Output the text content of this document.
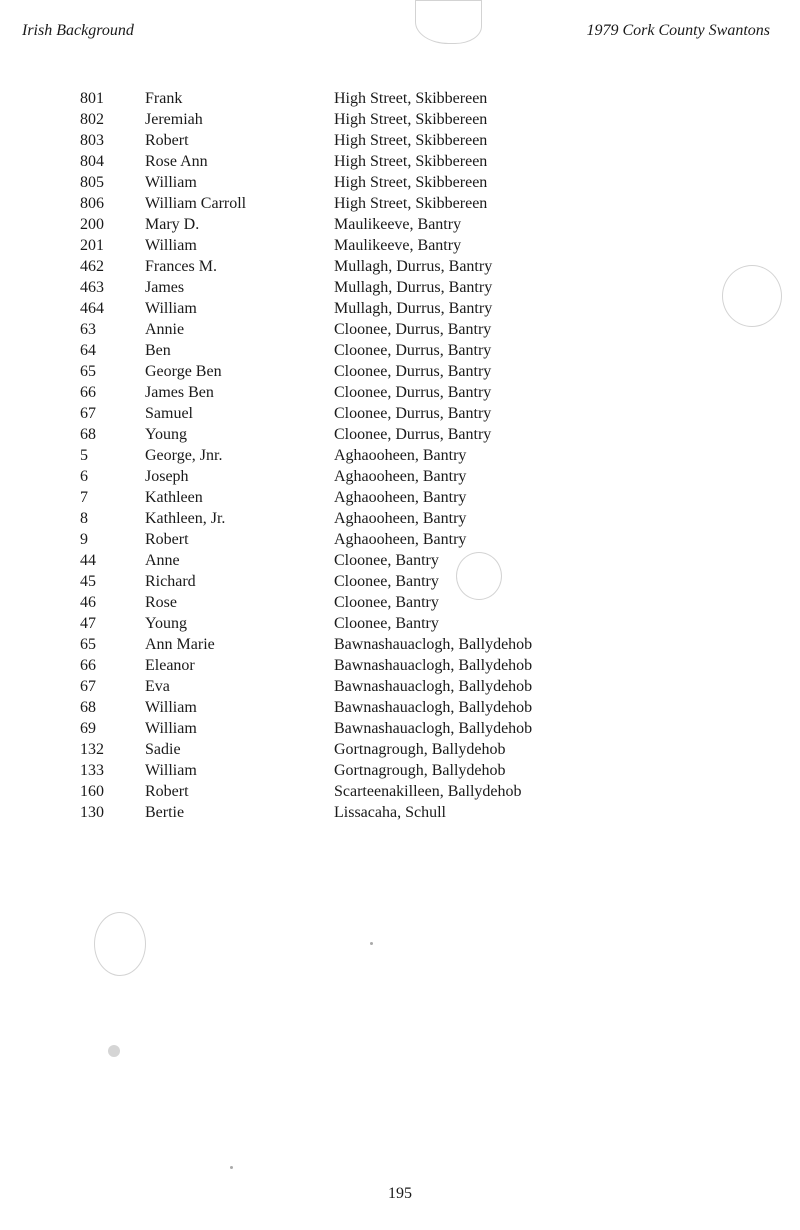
Irish Background	1979 Cork County Swantons
801	Frank	High Street, Skibbereen
802	Jeremiah	High Street, Skibbereen
803	Robert	High Street, Skibbereen
804	Rose Ann	High Street, Skibbereen
805	William	High Street, Skibbereen
806	William Carroll	High Street, Skibbereen
200	Mary D.	Maulikeeve, Bantry
201	William	Maulikeeve, Bantry
462	Frances M.	Mullagh, Durrus, Bantry
463	James	Mullagh, Durrus, Bantry
464	William	Mullagh, Durrus, Bantry
63	Annie	Cloonee, Durrus, Bantry
64	Ben	Cloonee, Durrus, Bantry
65	George Ben	Cloonee, Durrus, Bantry
66	James Ben	Cloonee, Durrus, Bantry
67	Samuel	Cloonee, Durrus, Bantry
68	Young	Cloonee, Durrus, Bantry
5	George, Jnr.	Aghaooheen, Bantry
6	Joseph	Aghaooheen, Bantry
7	Kathleen	Aghaooheen, Bantry
8	Kathleen, Jr.	Aghaooheen, Bantry
9	Robert	Aghaooheen, Bantry
44	Anne	Cloonee, Bantry
45	Richard	Cloonee, Bantry
46	Rose	Cloonee, Bantry
47	Young	Cloonee, Bantry
65	Ann Marie	Bawnashauaclogh, Ballydehob
66	Eleanor	Bawnashauaclogh, Ballydehob
67	Eva	Bawnashauaclogh, Ballydehob
68	William	Bawnashauaclogh, Ballydehob
69	William	Bawnashauaclogh, Ballydehob
132	Sadie	Gortnagrough, Ballydehob
133	William	Gortnagrough, Ballydehob
160	Robert	Scarteenakilleen, Ballydehob
130	Bertie	Lissacaha, Schull
195
